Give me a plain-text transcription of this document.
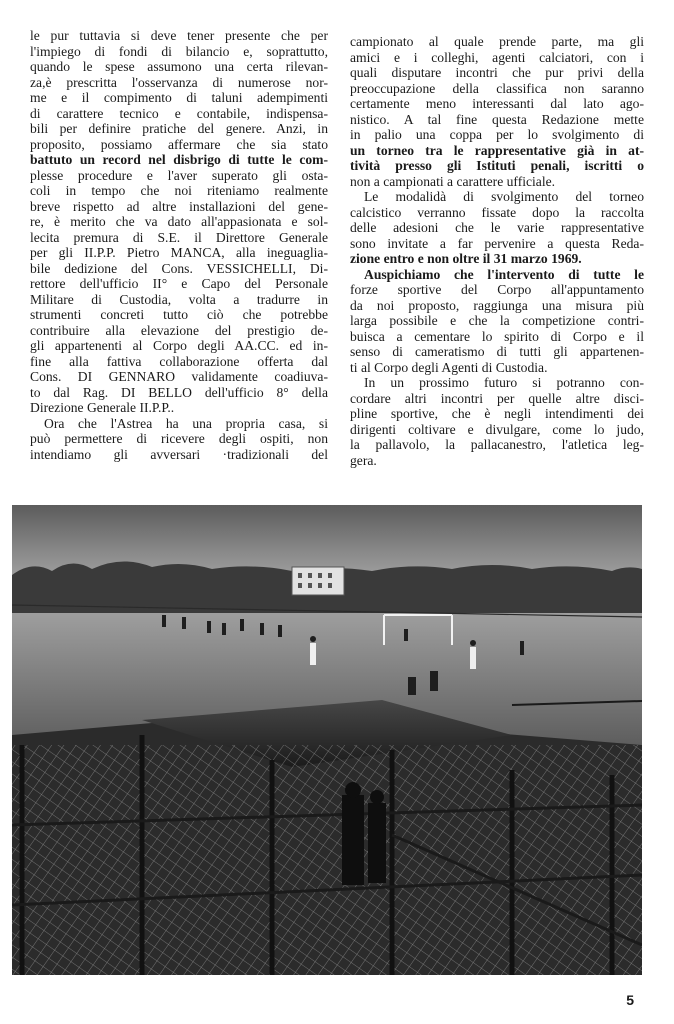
le pur tuttavia si deve tener presente che per
l'impiego di fondi di bilancio e, soprattutto,
quando le spese assumono una certa rilevan-
za,è prescritta l'osservanza di numerose nor-
me e il compimento di taluni adempimenti
di carattere tecnico e contabile, indispensa-
bili per definire pratiche del genere. Anzi, in
proposito, possiamo affermare che sia stato
battuto un record nel disbrigo di tutte le com-
plesse procedure e l'aver superato gli osta-
coli in tempo che noi riteniamo realmente
breve rispetto ad altre installazioni del gene-
re, è merito che va dato all'appasionata e sol-
lecita premura di S.E. il Direttore Generale
per gli II.P.P. Pietro MANCA, alla ineguaglia-
bile dedizione del Cons. VESSICHELLI, Di-
rettore dell'ufficio II° e Capo del Personale
Militare di Custodia, volta a tradurre in
strumenti concreti tutto ciò che potrebbe
contribuire alla elevazione del prestigio de-
gli appartenenti al Corpo degli AA.CC. ed in-
fine alla fattiva collaborazione offerta dal
Cons. DI GENNARO validamente coadiuva-
to dal Rag. DI BELLO dell'ufficio 8° della
Direzione Generale II.P.P..

Ora che l'Astrea ha una propria casa, si
può permettere di ricevere degli ospiti, non
intendiamo gli avversari ·tradizionali del

campionato al quale prende parte, ma gli
amici e i colleghi, agenti calciatori, con i
quali disputare incontri che pur privi della
preoccupazione della classifica non saranno
certamente meno interessanti dal lato ago-
nistico. A tal fine questa Redazione mette
in palio una coppa per lo svolgimento di
un torneo tra le rappresentative già in at-
tività presso gli Istituti penali, iscritti o
non a campionati a carattere ufficiale.

Le modalidà di svolgimento del torneo
calcistico verranno fissate dopo la raccolta
delle adesioni che le varie rappresentative
sono invitate a far pervenire a questa Reda-
zione entro e non oltre il 31 marzo 1969.

Auspichiamo che l'intervento di tutte le
forze sportive del Corpo all'appuntamento
da noi proposto, raggiunga una misura più
larga possibile e che la competizione contri-
buisca a cementare lo spirito di Corpo e il
senso di cameratismo di tutti gli appartenen-
ti al Corpo degli Agenti di Custodia.

In un prossimo futuro si potranno con-
cordare altri incontri per quelle altre disci-
pline sportive, che è negli intendimenti dei
dirigenti coltivare e divulgare, come lo judo,
la pallavolo, la pallacanestro, l'atletica leg-
gera.

5
